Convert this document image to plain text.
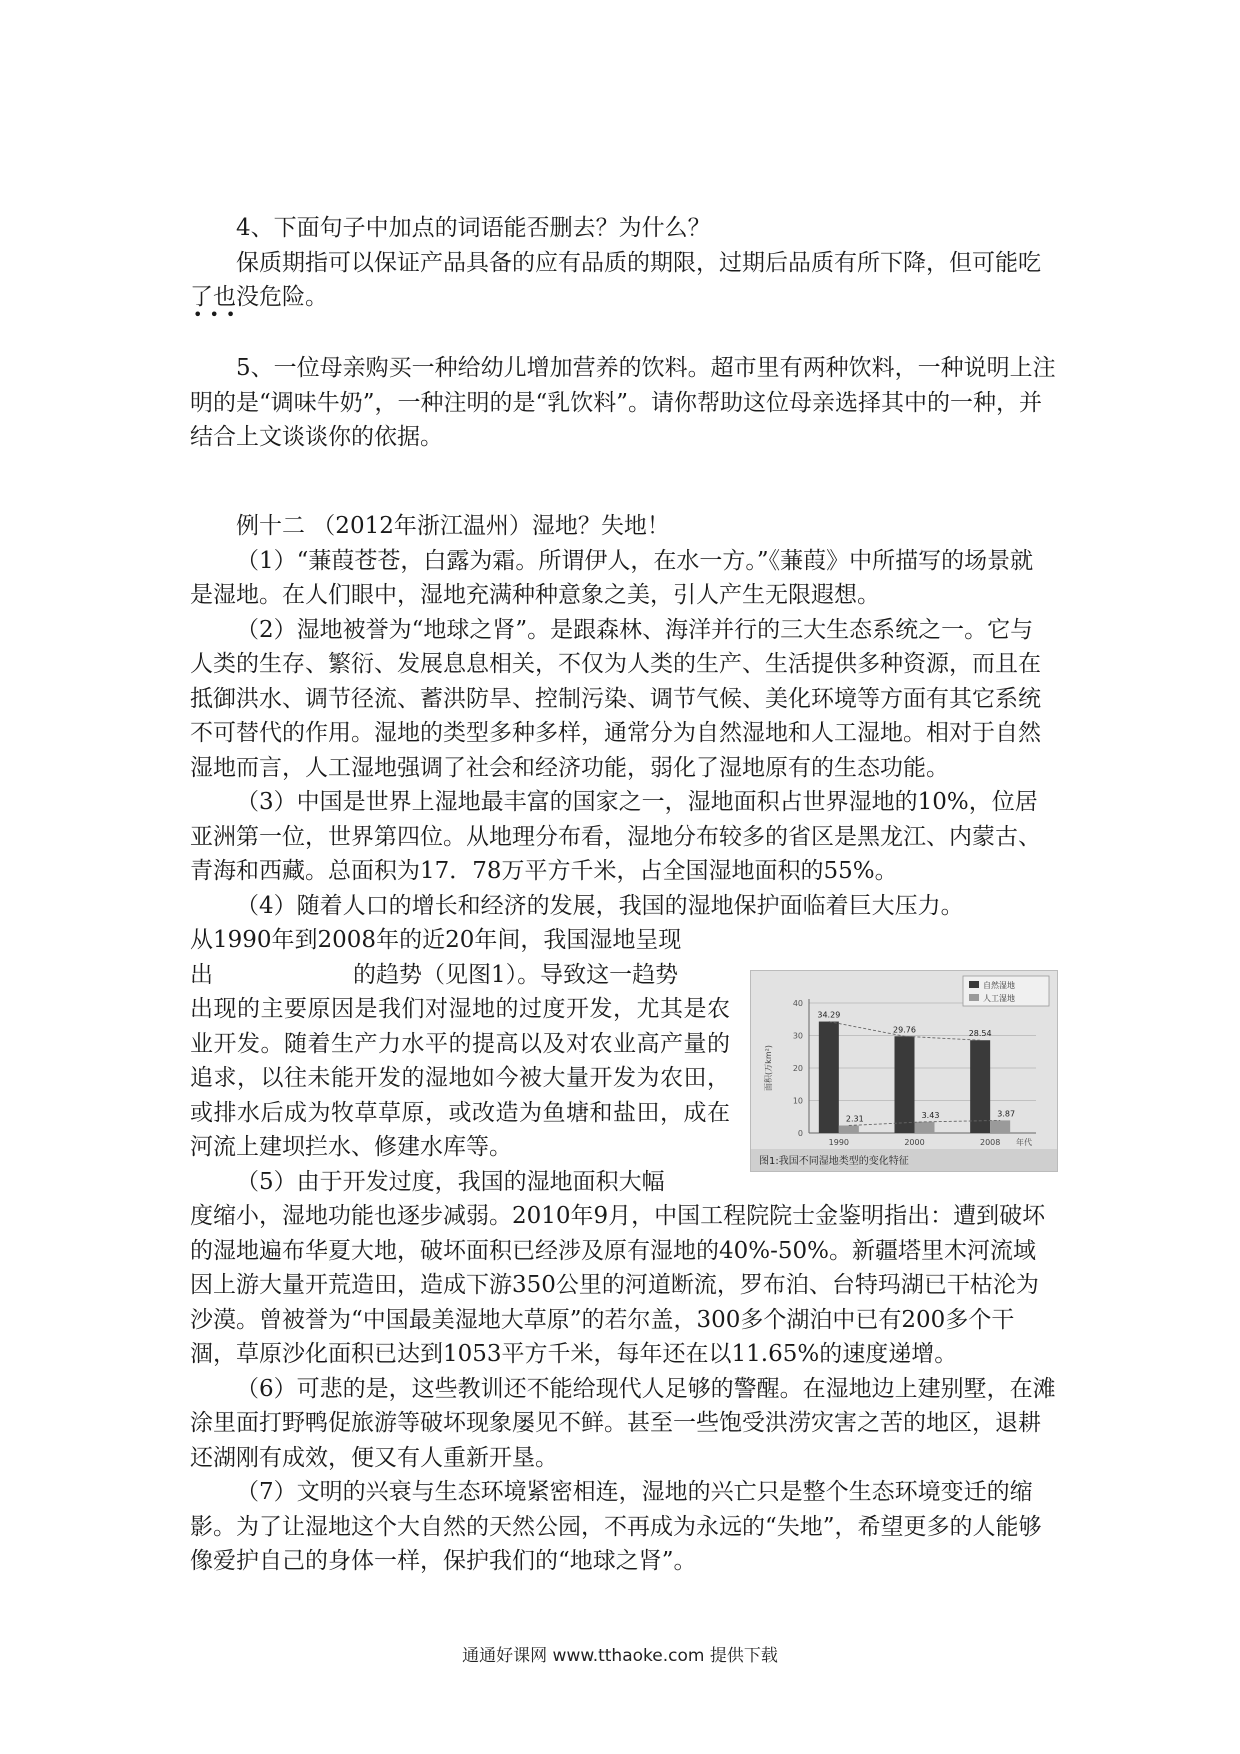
4、下面句子中加点的词语能否删去？为什么？

保质期指可以保证产品具备的应有品质的期限，过期后品质有所下降，但可能吃了也没危险。

•••

5、一位母亲购买一种给幼儿增加营养的饮料。超市里有两种饮料，一种说明上注明的是“调味牛奶”，一种注明的是“乳饮料”。请你帮助这位母亲选择其中的一种，并结合上文谈谈你的依据。

例十二 （2012年浙江温州）湿地？失地！

（1）“蒹葭苍苍，白露为霜。所谓伊人，在水一方。”《蒹葭》中所描写的场景就是湿地。在人们眼中，湿地充满种种意象之美，引人产生无限遐想。

（2）湿地被誉为“地球之肾”。是跟森林、海洋并行的三大生态系统之一。它与人类的生存、繁衍、发展息息相关，不仅为人类的生产、生活提供多种资源，而且在抵御洪水、调节径流、蓄洪防旱、控制污染、调节气候、美化环境等方面有其它系统不可替代的作用。湿地的类型多种多样，通常分为自然湿地和人工湿地。相对于自然湿地而言，人工湿地强调了社会和经济功能，弱化了湿地原有的生态功能。

（3）中国是世界上湿地最丰富的国家之一，湿地面积占世界湿地的10%，位居亚洲第一位，世界第四位。从地理分布看，湿地分布较多的省区是黑龙江、内蒙古、青海和西藏。总面积为17．78万平方千米，占全国湿地面积的55%。

（4）随着人口的增长和经济的发展，我国的湿地保护面临着巨大压力。

从1990年到2008年的近20年间，我国湿地呈现

出	的趋势（见图1）。导致这一趋势

出现的主要原因是我们对湿地的过度开发，尤其是农业开发。随着生产力水平的提高以及对农业高产量的追求，以往未能开发的湿地如今被大量开发为农田，或排水后成为牧草草原，或改造为鱼塘和盐田，成在河流上建坝拦水、修建水库等。

（5）由于开发过度，我国的湿地面积大幅

度缩小，湿地功能也逐步减弱。2010年9月，中国工程院院士金鉴明指出：遭到破坏的湿地遍布华夏大地，破坏面积已经涉及原有湿地的40%-50%。新疆塔里木河流域因上游大量开荒造田，造成下游350公里的河道断流，罗布泊、台特玛湖已干枯沦为沙漠。曾被誉为“中国最美湿地大草原”的若尔盖，300多个湖泊中已有200多个干涸，草原沙化面积已达到1053平方千米，每年还在以11.65%的速度递增。

（6）可悲的是，这些教训还不能给现代人足够的警醒。在湿地边上建别墅，在滩涂里面打野鸭促旅游等破坏现象屡见不鲜。甚至一些饱受洪涝灾害之苦的地区，退耕还湖刚有成效，便又有人重新开垦。

（7）文明的兴衰与生态环境紧密相连，湿地的兴亡只是整个生态环境变迁的缩影。为了让湿地这个大自然的天然公园，不再成为永远的“失地”，希望更多的人能够像爱护自己的身体一样，保护我们的“地球之肾”。

0
10
20
30
40
面积(万km²)
34.29
2.31
1990
29.76
3.43
2000
28.54
3.87
2008 年代
自然湿地
人工湿地
图1:我国不同湿地类型的变化特征
通通好课网 www.tthaoke.com 提供下载
